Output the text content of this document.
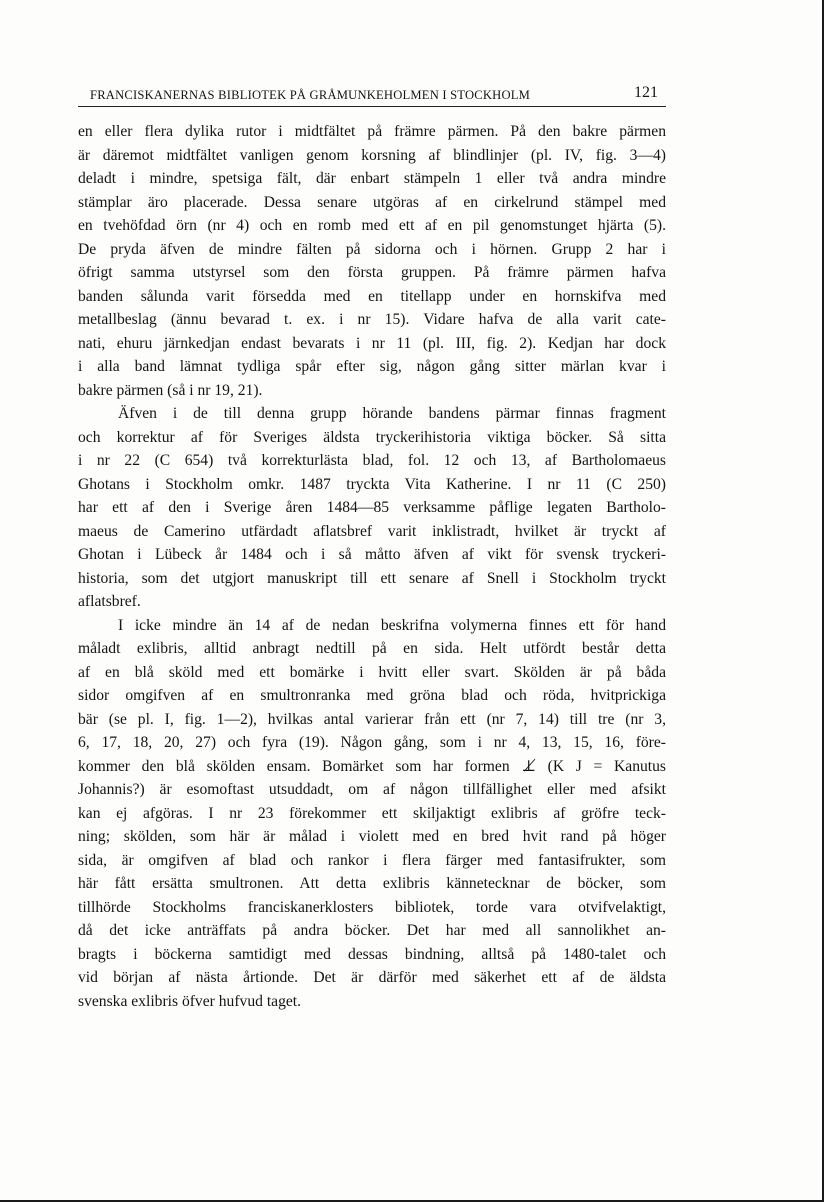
FRANCISKANERNAS BIBLIOTEK PÅ GRÅMUNKEHOLMEN I STOCKHOLM	121
en eller flera dylika rutor i midtfältet på främre pärmen. På den bakre pärmen
är däremot midtfältet vanligen genom korsning af blindlinjer (pl. IV, fig. 3—4)
deladt i mindre, spetsiga fält, där enbart stämpeln 1 eller två andra mindre
stämplar äro placerade. Dessa senare utgöras af en cirkelrund stämpel med
en tvehöfdad örn (nr 4) och en romb med ett af en pil genomstunget hjärta (5).
De pryda äfven de mindre fälten på sidorna och i hörnen. Grupp 2 har i
öfrigt samma utstyrsel som den första gruppen. På främre pärmen hafva
banden sålunda varit försedda med en titellapp under en hornskifva med
metallbeslag (ännu bevarad t. ex. i nr 15). Vidare hafva de alla varit cate-
nati, ehuru järnkedjan endast bevarats i nr 11 (pl. III, fig. 2). Kedjan har dock
i alla band lämnat tydliga spår efter sig, någon gång sitter märlan kvar i
bakre pärmen (så i nr 19, 21).
Äfven i de till denna grupp hörande bandens pärmar finnas fragment
och korrektur af för Sveriges äldsta tryckerihistoria viktiga böcker. Så sitta
i nr 22 (C 654) två korrekturlästa blad, fol. 12 och 13, af Bartholomaeus
Ghotans i Stockholm omkr. 1487 tryckta Vita Katherine. I nr 11 (C 250)
har ett af den i Sverige åren 1484—85 verksamme påflige legaten Bartholo-
maeus de Camerino utfärdadt aflatsbref varit inklistradt, hvilket är tryckt af
Ghotan i Lübeck år 1484 och i så måtto äfven af vikt för svensk tryckeri-
historia, som det utgjort manuskript till ett senare af Snell i Stockholm tryckt
aflatsbref.
I icke mindre än 14 af de nedan beskrifna volymerna finnes ett för hand
måladt exlibris, alltid anbragt nedtill på en sida. Helt utfördt består detta
af en blå sköld med ett bomärke i hvitt eller svart. Skölden är på båda
sidor omgifven af en smultronranka med gröna blad och röda, hvitprickiga
bär (se pl. I, fig. 1—2), hvilkas antal varierar från ett (nr 7, 14) till tre (nr 3,
6, 17, 18, 20, 27) och fyra (19). Någon gång, som i nr 4, 13, 15, 16, före-
kommer den blå skölden ensam. Bomärket som har formen ⊥̸ (K J = Kanutus
Johannis?) är esomoftast utsuddadt, om af någon tillfällighet eller med afsikt
kan ej afgöras. I nr 23 förekommer ett skiljaktigt exlibris af gröfre teck-
ning; skölden, som här är målad i violett med en bred hvit rand på höger
sida, är omgifven af blad och rankor i flera färger med fantasifrukter, som
här fått ersätta smultronen. Att detta exlibris kännetecknar de böcker, som
tillhörde Stockholms franciskanerklosters bibliotek, torde vara otvifvelaktigt,
då det icke anträffats på andra böcker. Det har med all sannolikhet an-
bragts i böckerna samtidigt med dessas bindning, alltså på 1480-talet och
vid början af nästa årtionde. Det är därför med säkerhet ett af de äldsta
svenska exlibris öfver hufvud taget.
